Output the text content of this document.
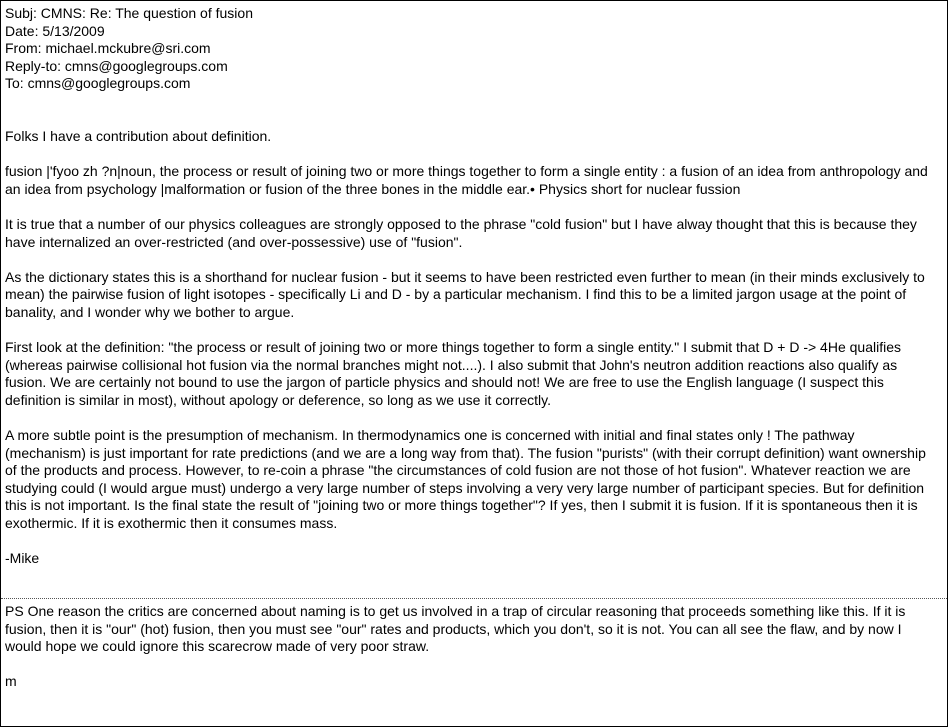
Subj: CMNS: Re: The question of fusion
Date: 5/13/2009
From: michael.mckubre@sri.com
Reply-to: cmns@googlegroups.com
To: cmns@googlegroups.com

Folks I have a contribution about definition.

fusion |'fyoo zh ?n|noun, the process or result of joining two or more things together to form a single entity : a fusion of an idea from anthropology and an idea from psychology |malformation or fusion of the three bones in the middle ear.• Physics short for nuclear fussion

It is true that a number of our physics colleagues are strongly opposed to the phrase "cold fusion" but I have alway thought that this is because they have internalized an over-restricted (and over-possessive) use of "fusion".

As the dictionary states this is a shorthand for nuclear fusion - but it seems to have been restricted even further to mean (in their minds exclusively to mean) the pairwise fusion of light isotopes - specifically Li and D - by a particular mechanism. I find this to be a limited jargon usage at the point of banality, and I wonder why we bother to argue.

First look at the definition: "the process or result of joining two or more things together to form a single entity." I submit that D + D -> 4He qualifies (whereas pairwise collisional hot fusion via the normal branches might not....). I also submit that John's neutron addition reactions also qualify as fusion. We are certainly not bound to use the jargon of particle physics and should not! We are free to use the English language (I suspect this definition is similar in most), without apology or deference, so long as we use it correctly.

A more subtle point is the presumption of mechanism. In thermodynamics one is concerned with initial and final states only ! The pathway (mechanism) is just important for rate predictions (and we are a long way from that). The fusion "purists" (with their corrupt definition) want ownership of the products and process. However, to re-coin a phrase "the circumstances of cold fusion are not those of hot fusion". Whatever reaction we are studying could (I would argue must) undergo a very large number of steps involving a very very large number of participant species. But for definition this is not important. Is the final state the result of "joining two or more things together"? If yes, then I submit it is fusion. If it is spontaneous then it is exothermic. If it is exothermic then it consumes mass.

-Mike

PS One reason the critics are concerned about naming is to get us involved in a trap of circular reasoning that proceeds something like this. If it is fusion, then it is "our" (hot) fusion, then you must see "our" rates and products, which you don't, so it is not. You can all see the flaw, and by now I would hope we could ignore this scarecrow made of very poor straw.

m
